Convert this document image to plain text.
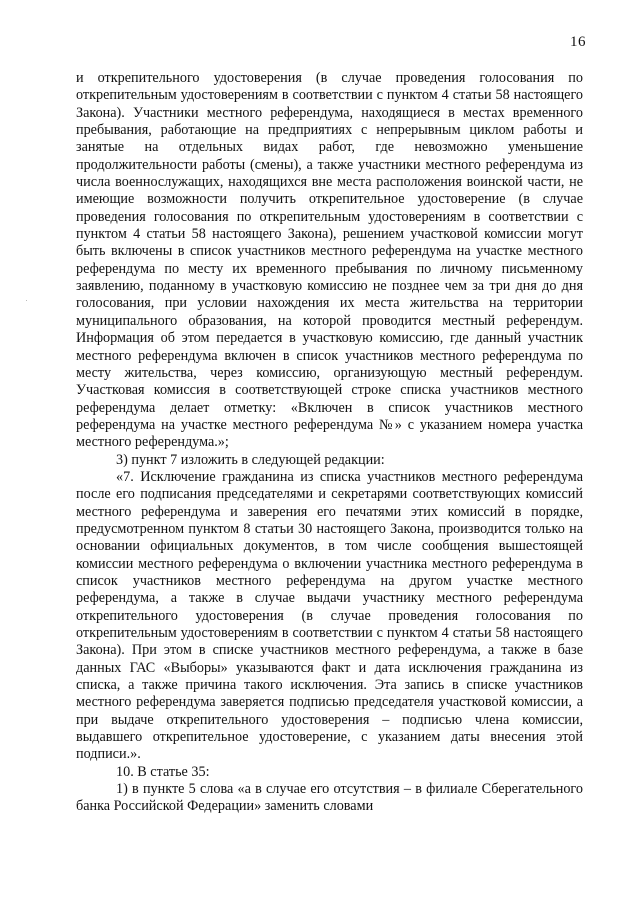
16

и открепительного удостоверения (в случае проведения голосования по открепительным удостоверениям в соответствии с пунктом 4 статьи 58 настоящего Закона). Участники местного референдума, находящиеся в местах временного пребывания, работающие на предприятиях с непрерывным циклом работы и занятые на отдельных видах работ, где невозможно уменьшение продолжительности работы (смены), а также участники местного референдума из числа военнослужащих, находящихся вне места расположения воинской части, не имеющие возможности получить открепительное удостоверение (в случае проведения голосования по открепительным удостоверениям в соответствии с пунктом 4 статьи 58 настоящего Закона), решением участковой комиссии могут быть включены в список участников местного референдума на участке местного референдума по месту их временного пребывания по личному письменному заявлению, поданному в участковую комиссию не позднее чем за три дня до дня голосования, при условии нахождения их места жительства на территории муниципального образования, на которой проводится местный референдум. Информация об этом передается в участковую комиссию, где данный участник местного референдума включен в список участников местного референдума по месту жительства, через комиссию, организующую местный референдум. Участковая комиссия в соответствующей строке списка участников местного референдума делает отметку: «Включен в список участников местного референдума на участке местного референдума №» с указанием номера участка местного референдума.»;

3) пункт 7 изложить в следующей редакции:

«7. Исключение гражданина из списка участников местного референдума после его подписания председателями и секретарями соответствующих комиссий местного референдума и заверения его печатями этих комиссий в порядке, предусмотренном пунктом 8 статьи 30 настоящего Закона, производится только на основании официальных документов, в том числе сообщения вышестоящей комиссии местного референдума о включении участника местного референдума в список участников местного референдума на другом участке местного референдума, а также в случае выдачи участнику местного референдума открепительного удостоверения (в случае проведения голосования по открепительным удостоверениям в соответствии с пунктом 4 статьи 58 настоящего Закона). При этом в списке участников местного референдума, а также в базе данных ГАС «Выборы» указываются факт и дата исключения гражданина из списка, а также причина такого исключения. Эта запись в списке участников местного референдума заверяется подписью председателя участковой комиссии, а при выдаче открепительного удостоверения – подписью члена комиссии, выдавшего открепительное удостоверение, с указанием даты внесения этой подписи.».

10. В статье 35:

1) в пункте 5 слова «а в случае его отсутствия – в филиале Сберегательного банка Российской Федерации» заменить словами
